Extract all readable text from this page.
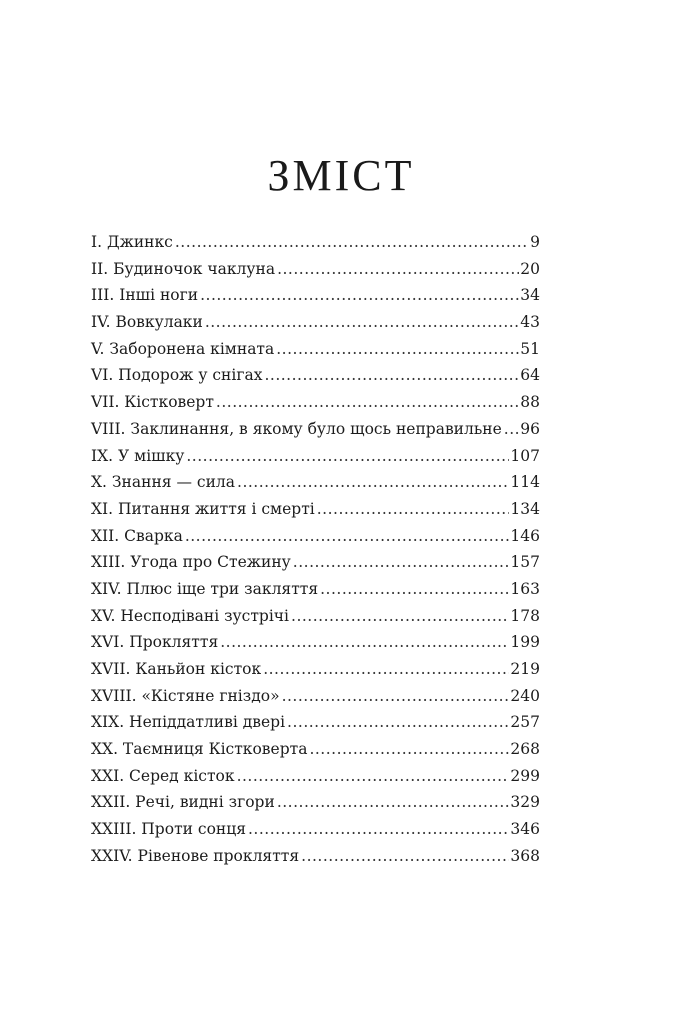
ЗМІСТ
I. Джинкс .....	9
II. Будиночок чаклуна .....	20
III. Інші ноги .....	34
IV. Вовкулаки .....	43
V. Заборонена кімната .....	51
VI. Подорож у снігах .....	64
VII. Кістковерт .....	88
VIII. Заклинання, в якому було щось неправильне ..... 96
IX. У мішку .....	107
X. Знання — сила .....	114
XI. Питання життя і смерті .....	134
XII. Сварка .....	146
XIII. Угода про Стежину .....	157
XIV. Плюс іще три закляття .....	163
XV. Несподівані зустрічі .....	178
XVI. Прокляття .....	199
XVII. Каньйон кісток .....	219
XVIII. «Кістяне гніздо» .....	240
XIX. Непіддатливі двері .....	257
XX. Таємниця Кістковерта .....	268
XXI. Серед кісток .....	299
XXII. Речі, видні згори .....	329
XXIII. Проти сонця .....	346
XXIV. Рівенове прокляття .....	368
